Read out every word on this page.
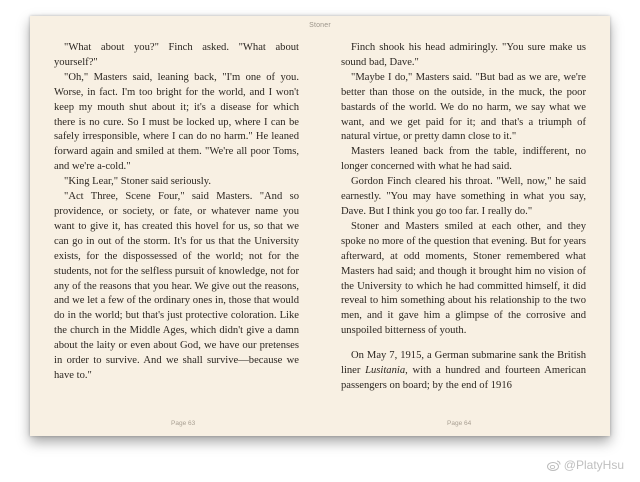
Stoner

"What about you?" Finch asked. "What about yourself?"

"Oh," Masters said, leaning back, "I'm one of you. Worse, in fact. I'm too bright for the world, and I won't keep my mouth shut about it; it's a disease for which there is no cure. So I must be locked up, where I can be safely irresponsible, where I can do no harm." He leaned forward again and smiled at them. "We're all poor Toms, and we're a-cold."

"King Lear," Stoner said seriously.

"Act Three, Scene Four," said Masters. "And so providence, or society, or fate, or whatever name you want to give it, has created this hovel for us, so that we can go in out of the storm. It's for us that the University exists, for the dispossessed of the world; not for the students, not for the selfless pursuit of knowledge, not for any of the reasons that you hear. We give out the reasons, and we let a few of the ordinary ones in, those that would do in the world; but that's just protective coloration. Like the church in the Middle Ages, which didn't give a damn about the laity or even about God, we have our pretenses in order to survive. And we shall survive—because we have to."

Finch shook his head admiringly. "You sure make us sound bad, Dave."

"Maybe I do," Masters said. "But bad as we are, we're better than those on the outside, in the muck, the poor bastards of the world. We do no harm, we say what we want, and we get paid for it; and that's a triumph of natural virtue, or pretty damn close to it."

Masters leaned back from the table, indifferent, no longer concerned with what he had said.

Gordon Finch cleared his throat. "Well, now," he said earnestly. "You may have something in what you say, Dave. But I think you go too far. I really do."

Stoner and Masters smiled at each other, and they spoke no more of the question that evening. But for years afterward, at odd moments, Stoner remembered what Masters had said; and though it brought him no vision of the University to which he had committed himself, it did reveal to him something about his relationship to the two men, and it gave him a glimpse of the corrosive and unspoiled bitterness of youth.

On May 7, 1915, a German submarine sank the British liner Lusitania, with a hundred and fourteen American passengers on board; by the end of 1916

Page 63	Page 64
@PlatyHsu
